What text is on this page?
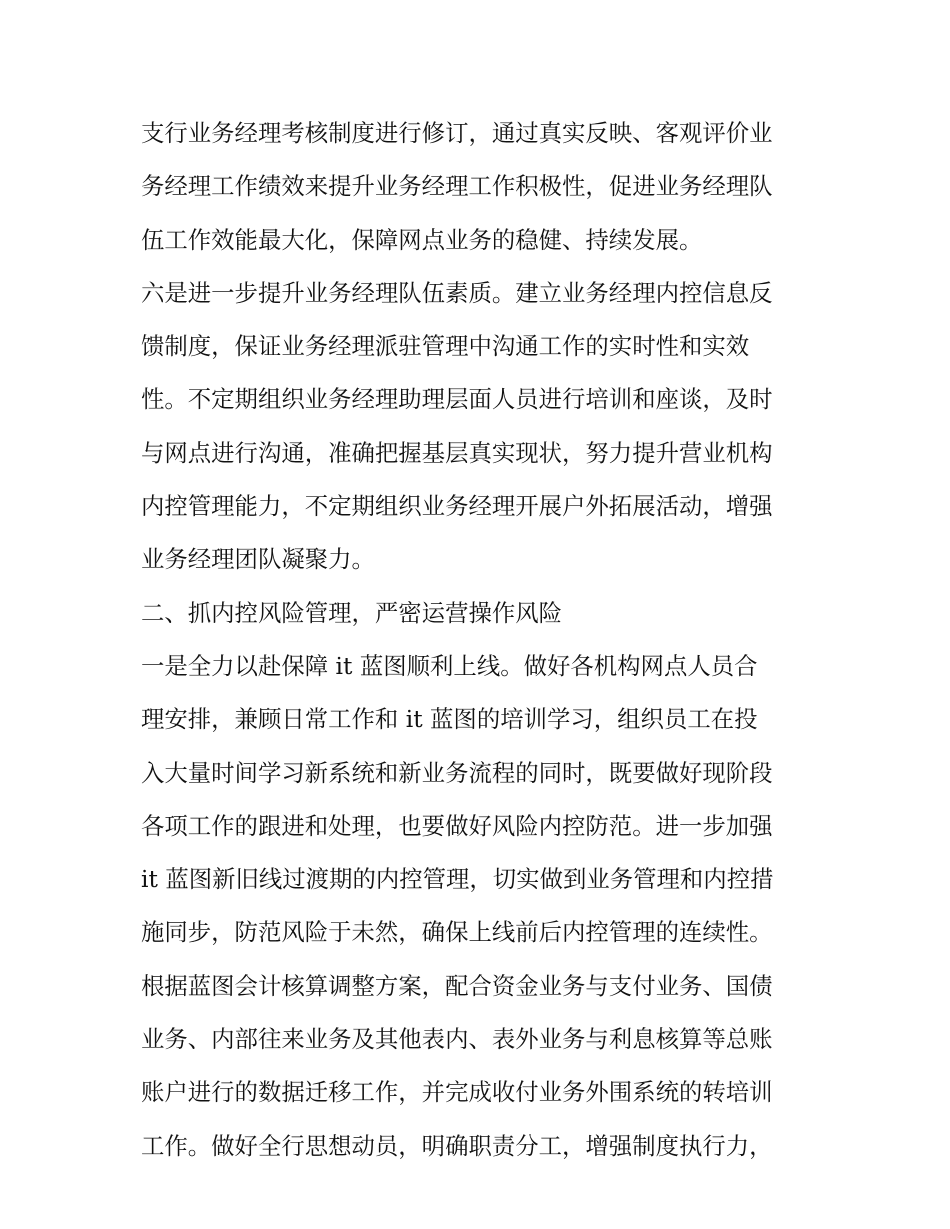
支行业务经理考核制度进行修订，通过真实反映、客观评价业
务经理工作绩效来提升业务经理工作积极性，促进业务经理队
伍工作效能最大化，保障网点业务的稳健、持续发展。
六是进一步提升业务经理队伍素质。建立业务经理内控信息反
馈制度，保证业务经理派驻管理中沟通工作的实时性和实效
性。不定期组织业务经理助理层面人员进行培训和座谈，及时
与网点进行沟通，准确把握基层真实现状，努力提升营业机构
内控管理能力，不定期组织业务经理开展户外拓展活动，增强
业务经理团队凝聚力。
二、抓内控风险管理，严密运营操作风险
一是全力以赴保障 it 蓝图顺利上线。做好各机构网点人员合
理安排，兼顾日常工作和 it 蓝图的培训学习，组织员工在投
入大量时间学习新系统和新业务流程的同时，既要做好现阶段
各项工作的跟进和处理，也要做好风险内控防范。进一步加强
it 蓝图新旧线过渡期的内控管理，切实做到业务管理和内控措
施同步，防范风险于未然，确保上线前后内控管理的连续性。
根据蓝图会计核算调整方案，配合资金业务与支付业务、国债
业务、内部往来业务及其他表内、表外业务与利息核算等总账
账户进行的数据迁移工作，并完成收付业务外围系统的转培训
工作。做好全行思想动员，明确职责分工，增强制度执行力，
